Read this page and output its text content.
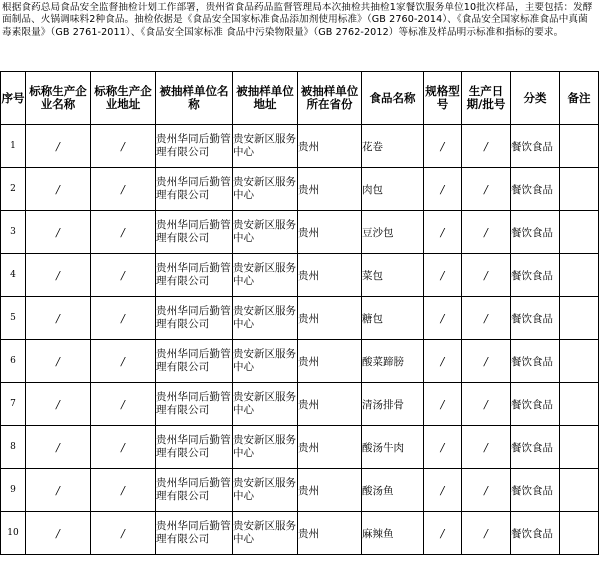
根据食药总局食品安全监督抽检计划工作部署，贵州省食品药品监督管理局本次抽检共抽检1家餐饮服务单位10批次样品，主要包括：发酵面制品、火锅调味料2种食品。抽检依据是《食品安全国家标准食品添加剂使用标准》（GB 2760-2014）、《食品安全国家标准食品中真菌毒素限量》（GB 2761-2011）、《食品安全国家标准 食品中污染物限量》（GB 2762-2012）等标准及样品明示标准和指标的要求。
序号	标称生产企业名称	标称生产企业地址	被抽样单位名称	被抽样单位地址	被抽样单位所在省份	食品名称	规格型号	生产日期/批号	分类	备注
1	/	/	贵州华同后勤管理有限公司	贵安新区服务中心	贵州	花卷	/	/	餐饮食品	
2	/	/	贵州华同后勤管理有限公司	贵安新区服务中心	贵州	肉包	/	/	餐饮食品	
3	/	/	贵州华同后勤管理有限公司	贵安新区服务中心	贵州	豆沙包	/	/	餐饮食品	
4	/	/	贵州华同后勤管理有限公司	贵安新区服务中心	贵州	菜包	/	/	餐饮食品	
5	/	/	贵州华同后勤管理有限公司	贵安新区服务中心	贵州	糖包	/	/	餐饮食品	
6	/	/	贵州华同后勤管理有限公司	贵安新区服务中心	贵州	酸菜蹄膀	/	/	餐饮食品	
7	/	/	贵州华同后勤管理有限公司	贵安新区服务中心	贵州	清汤排骨	/	/	餐饮食品	
8	/	/	贵州华同后勤管理有限公司	贵安新区服务中心	贵州	酸汤牛肉	/	/	餐饮食品	
9	/	/	贵州华同后勤管理有限公司	贵安新区服务中心	贵州	酸汤鱼	/	/	餐饮食品	
10	/	/	贵州华同后勤管理有限公司	贵安新区服务中心	贵州	麻辣鱼	/	/	餐饮食品	
